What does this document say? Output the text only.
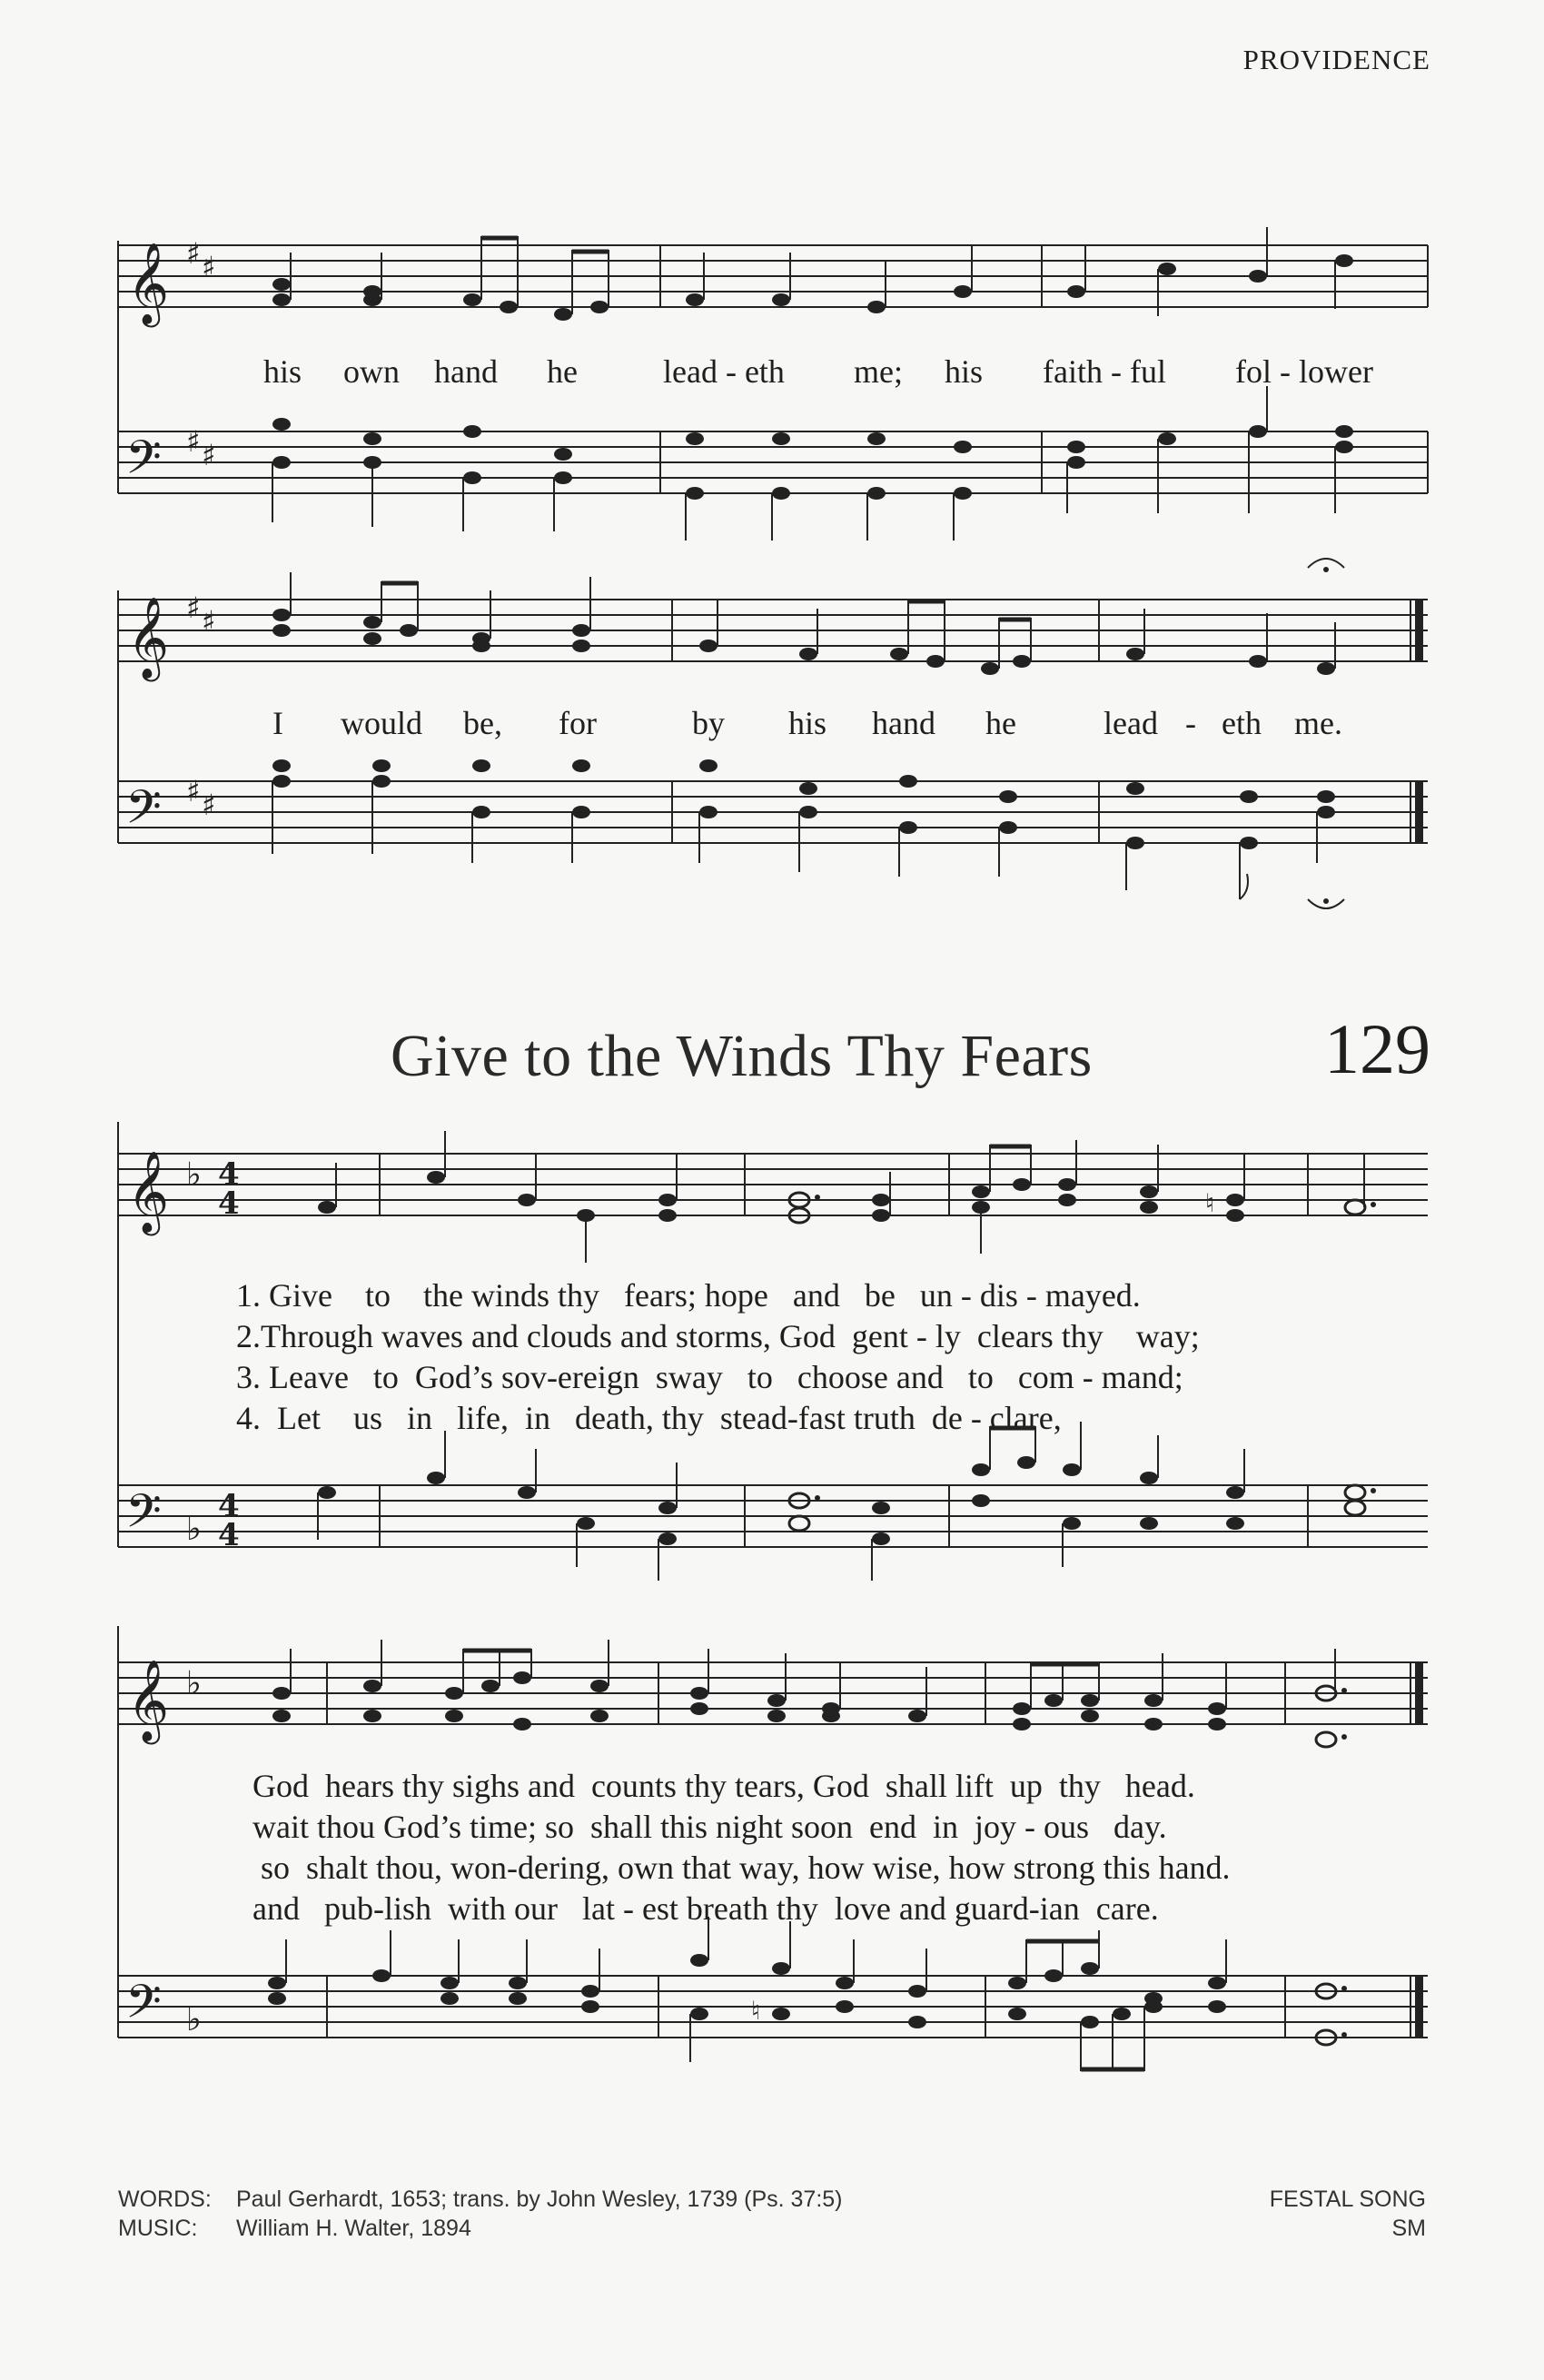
PROVIDENCE
𝄞 ♯ ♯
his own hand he	lead - eth me; his faith - ful fol - lower
𝄢 ♯ ♯
𝄞 ♯ ♯
I would be, for	by his hand he	lead - eth me.
𝄢 ♯ ♯
Give to the Winds Thy Fears	129
𝄞 ♭ 4
4	♮
1. Give    to    the winds thy   fears; hope   and   be   un - dis - mayed.
2.Through waves and clouds and storms, God  gent - ly  clears thy    way;
3. Leave   to  God’s sov-ereign  sway   to   choose and   to   com - mand;
4.  Let    us   in   life,  in   death, thy  stead-fast truth  de - clare,
𝄢 ♭
4
4
𝄞 ♭
God  hears thy sighs and  counts thy tears, God  shall lift  up  thy   head.
wait thou God’s time; so  shall this night soon  end  in  joy - ous   day.
so  shalt thou, won-dering, own that way, how wise, how strong this hand.
and   pub-lish  with our   lat - est breath thy  love and guard-ian  care.
𝄢 ♭	♮
WORDS: Paul Gerhardt, 1653; trans. by John Wesley, 1739 (Ps. 37:5)
MUSIC: William H. Walter, 1894
FESTAL SONG
SM
